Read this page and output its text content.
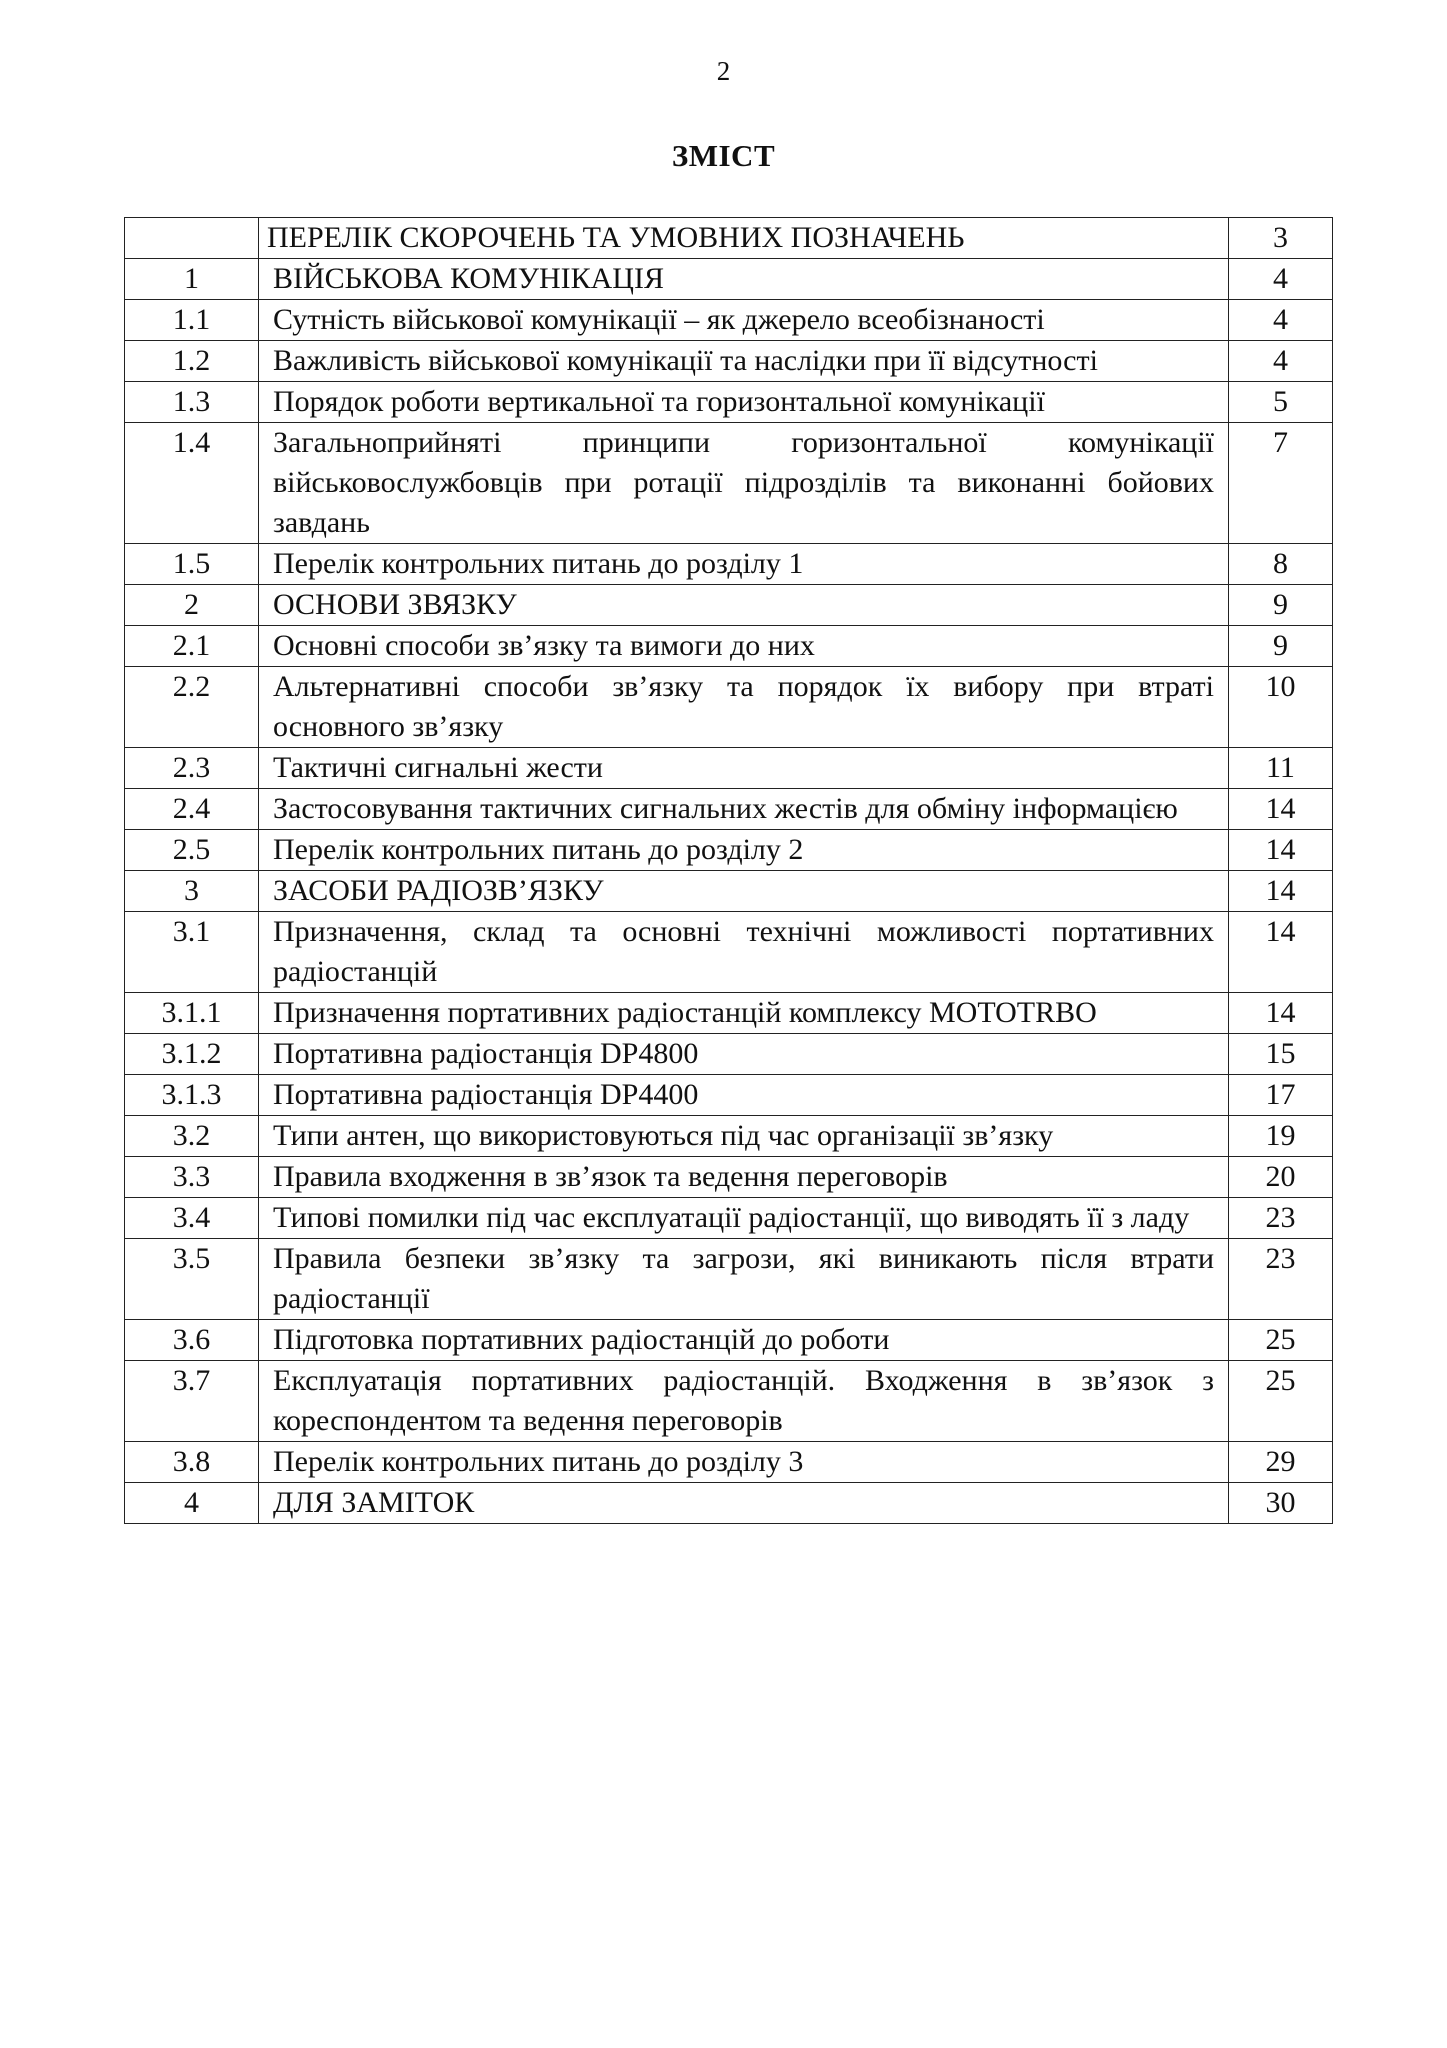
2
ЗМІСТ
	ПЕРЕЛІК СКОРОЧЕНЬ ТА УМОВНИХ ПОЗНАЧЕНЬ	3
1	ВІЙСЬКОВА КОМУНІКАЦІЯ	4
1.1	Сутність військової комунікації – як джерело всеобізнаності	4
1.2	Важливість військової комунікації та наслідки при її відсутності	4
1.3	Порядок роботи вертикальної та горизонтальної комунікації	5
1.4	Загальноприйняті принципи горизонтальної комунікації військовослужбовців при ротації підрозділів та виконанні бойових завдань	7
1.5	Перелік контрольних питань до розділу 1	8
2	ОСНОВИ ЗВЯЗКУ	9
2.1	Основні способи зв’язку та вимоги до них	9
2.2	Альтернативні способи зв’язку та порядок їх вибору при втраті основного зв’язку	10
2.3	Тактичні сигнальні жести	11
2.4	Застосовування тактичних сигнальних жестів для обміну інформацією	14
2.5	Перелік контрольних питань до розділу 2	14
3	ЗАСОБИ РАДІОЗВ’ЯЗКУ	14
3.1	Призначення, склад та основні технічні можливості портативних радіостанцій	14
3.1.1	Призначення портативних радіостанцій комплексу MOTOTRBO	14
3.1.2	Портативна радіостанція DP4800	15
3.1.3	Портативна радіостанція DP4400	17
3.2	Типи антен, що використовуються під час організації зв’язку	19
3.3	Правила входження в зв’язок та ведення переговорів	20
3.4	Типові помилки під час експлуатації радіостанції, що виводять її з ладу	23
3.5	Правила безпеки зв’язку та загрози, які виникають після втрати радіостанції	23
3.6	Підготовка портативних радіостанцій до роботи	25
3.7	Експлуатація портативних радіостанцій. Входження в зв’язок з кореспондентом та ведення переговорів	25
3.8	Перелік контрольних питань до розділу 3	29
4	ДЛЯ ЗАМІТОК	30
